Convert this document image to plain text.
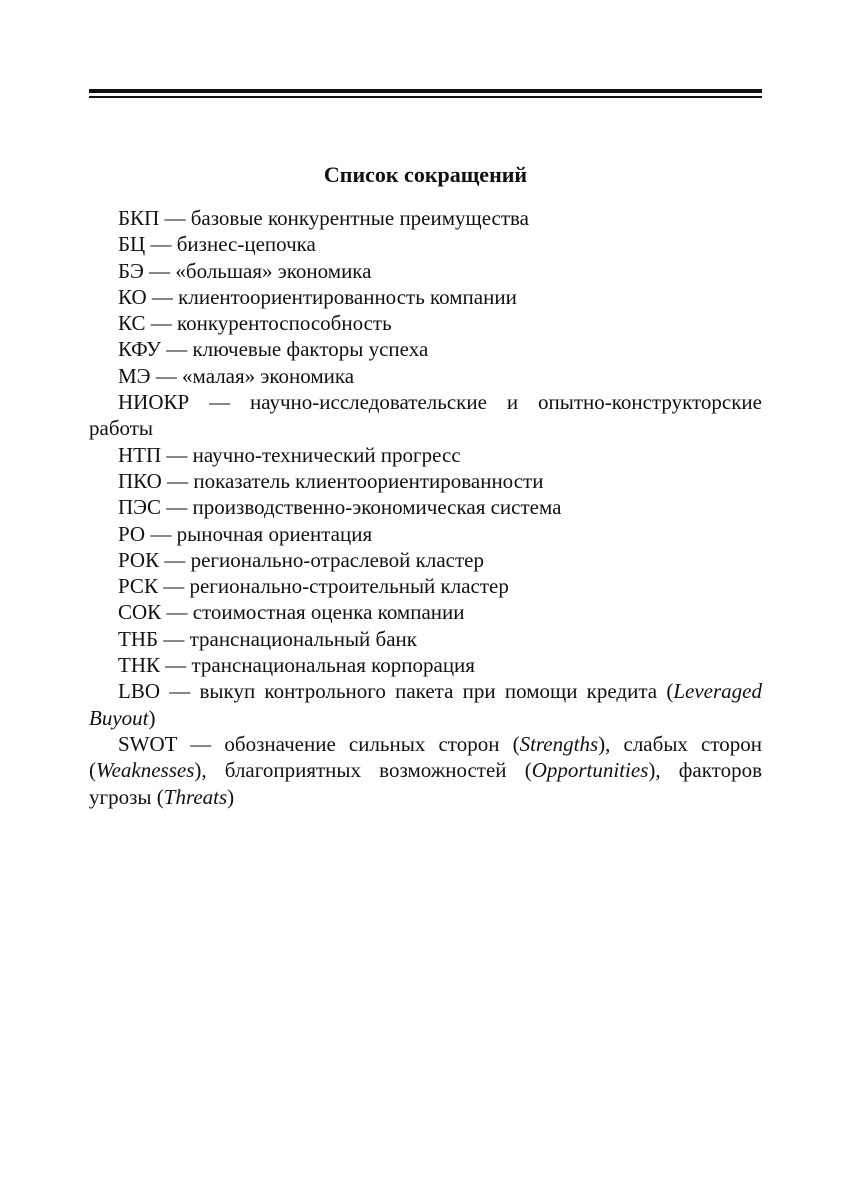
Список сокращений
БКП — базовые конкурентные преимущества
БЦ — бизнес-цепочка
БЭ — «большая» экономика
КО — клиентоориентированность компании
КС — конкурентоспособность
КФУ — ключевые факторы успеха
МЭ — «малая» экономика
НИОКР — научно-исследовательские и опытно-конструкторские работы
НТП — научно-технический прогресс
ПКО — показатель клиентоориентированности
ПЭС — производственно-экономическая система
РО — рыночная ориентация
РОК — регионально-отраслевой кластер
РСК — регионально-строительный кластер
СОК — стоимостная оценка компании
ТНБ — транснациональный банк
ТНК — транснациональная корпорация
LBO — выкуп контрольного пакета при помощи кредита (Leveraged Buyout)
SWOT — обозначение сильных сторон (Strengths), слабых сторон (Weaknesses), благоприятных возможностей (Opportunities), факторов угрозы (Threats)
